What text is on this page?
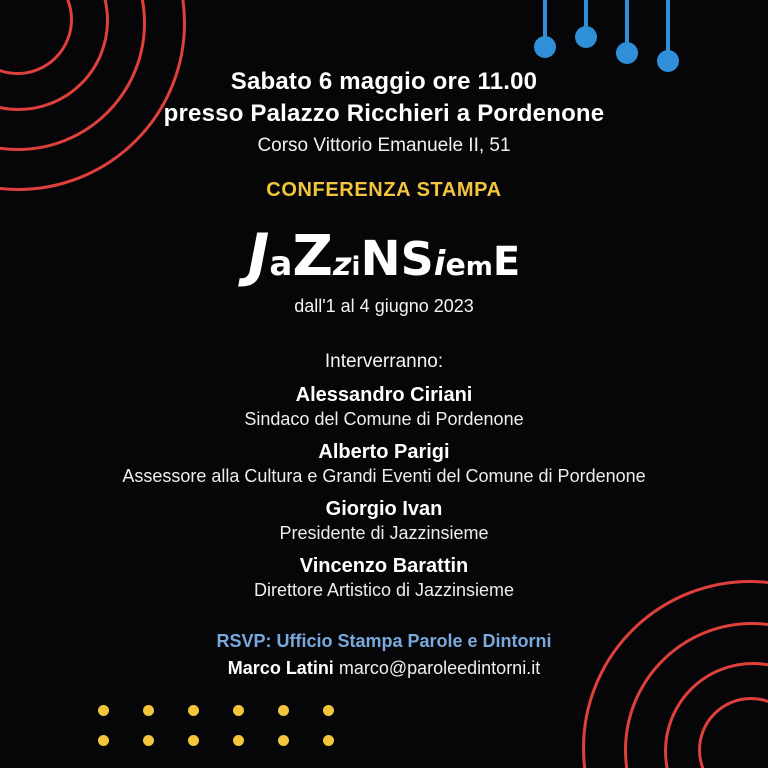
Sabato 6 maggio ore 11.00
presso Palazzo Ricchieri a Pordenone
Corso Vittorio Emanuele II, 51
CONFERENZA STAMPA
JaZziNSiemE
dall'1 al 4 giugno 2023
Interverranno:
Alessandro Ciriani
Sindaco del Comune di Pordenone
Alberto Parigi
Assessore alla Cultura e Grandi Eventi del Comune di Pordenone
Giorgio Ivan
Presidente di Jazzinsieme
Vincenzo Barattin
Direttore Artistico di Jazzinsieme
RSVP: Ufficio Stampa Parole e Dintorni
Marco Latini marco@paroleedintorni.it
